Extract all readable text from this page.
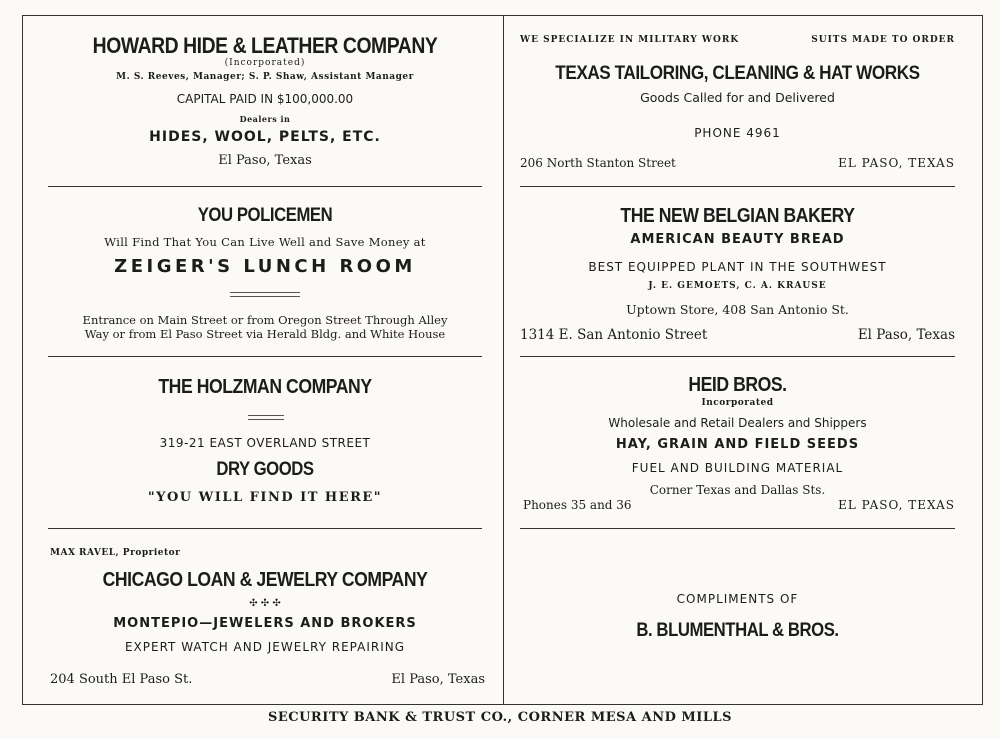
HOWARD HIDE & LEATHER COMPANY
(Incorporated)
M. S. Reeves, Manager; S. P. Shaw, Assistant Manager
CAPITAL PAID IN $100,000.00
Dealers in
HIDES, WOOL, PELTS, ETC.
El Paso, Texas
YOU POLICEMEN
Will Find That You Can Live Well and Save Money at
ZEIGER'S LUNCH ROOM
Entrance on Main Street or from Oregon Street Through Alley
Way or from El Paso Street via Herald Bldg. and White House
THE HOLZMAN COMPANY
319-21 EAST OVERLAND STREET
DRY GOODS
"YOU WILL FIND IT HERE"
MAX RAVEL, Proprietor
CHICAGO LOAN & JEWELRY COMPANY
✣ ✣ ✣
MONTEPIO—JEWELERS AND BROKERS
EXPERT WATCH AND JEWELRY REPAIRING
204 South El Paso St.	El Paso, Texas
WE SPECIALIZE IN MILITARY WORK	SUITS MADE TO ORDER
TEXAS TAILORING, CLEANING & HAT WORKS
Goods Called for and Delivered
PHONE 4961
206 North Stanton Street	EL PASO, TEXAS
THE NEW BELGIAN BAKERY
AMERICAN BEAUTY BREAD
BEST EQUIPPED PLANT IN THE SOUTHWEST
J. E. GEMOETS, C. A. KRAUSE
Uptown Store, 408 San Antonio St.
1314 E. San Antonio Street	El Paso, Texas
HEID BROS.
Incorporated
Wholesale and Retail Dealers and Shippers
HAY, GRAIN AND FIELD SEEDS
FUEL AND BUILDING MATERIAL
Corner Texas and Dallas Sts.
Phones 35 and 36	EL PASO, TEXAS
COMPLIMENTS OF
B. BLUMENTHAL & BROS.
SECURITY BANK & TRUST CO., CORNER MESA AND MILLS
